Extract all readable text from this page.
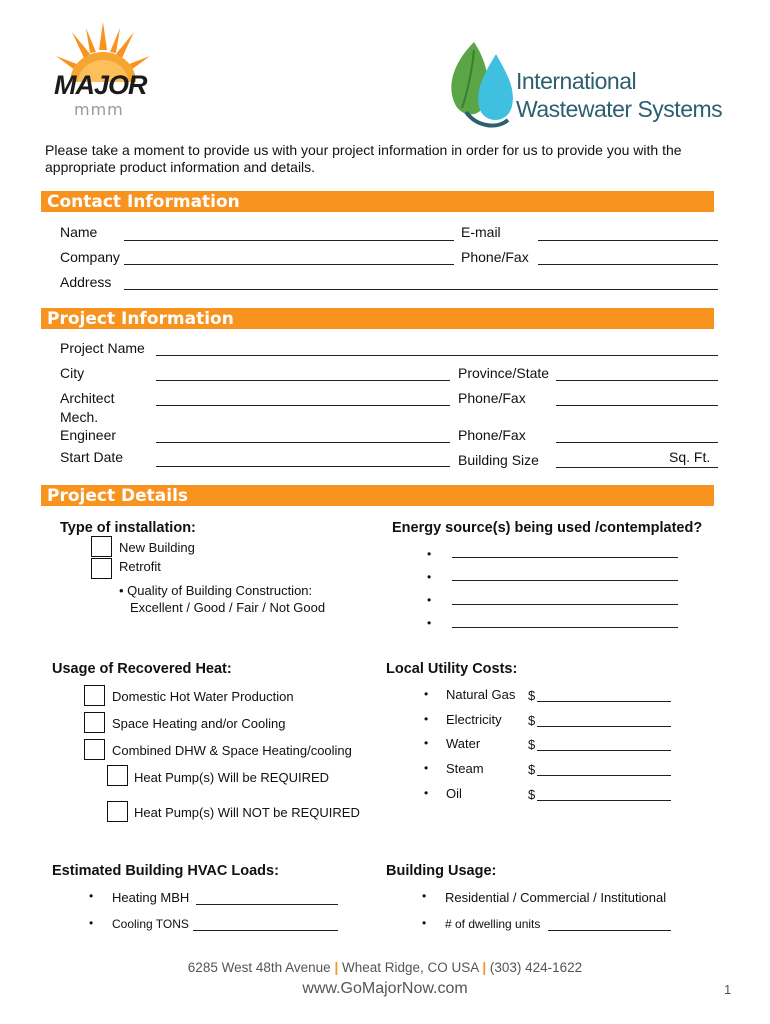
MAJOR
mmm
International
Wastewater Systems
Please take a moment to provide us with your project information in order for us to provide you with the
appropriate product information and details.
Contact Information
Name	E-mail
Company	Phone/Fax
Address
Project Information
Project Name
City	Province/State
Architect	Phone/Fax
Mech.
Engineer	Phone/Fax
Start Date	Building Size	Sq. Ft.
Project Details
Type of installation:
New Building
Retrofit
• Quality of Building Construction:
Excellent / Good / Fair / Not Good
Energy source(s) being used /contemplated?
•
•
•
•
Usage of Recovered Heat:
Domestic Hot Water Production
Space Heating and/or Cooling
Combined DHW & Space Heating/cooling
Heat Pump(s) Will be REQUIRED
Heat Pump(s) Will NOT be REQUIRED
Local Utility Costs:
• Natural Gas $
• Electricity $
• Water	$
• Steam	$
• Oil	$
Estimated Building HVAC Loads:
• Heating MBH
• Cooling TONS
Building Usage:
• Residential / Commercial / Institutional
• # of dwelling units
6285 West 48th Avenue | Wheat Ridge, CO USA | (303) 424-1622
www.GoMajorNow.com	1
